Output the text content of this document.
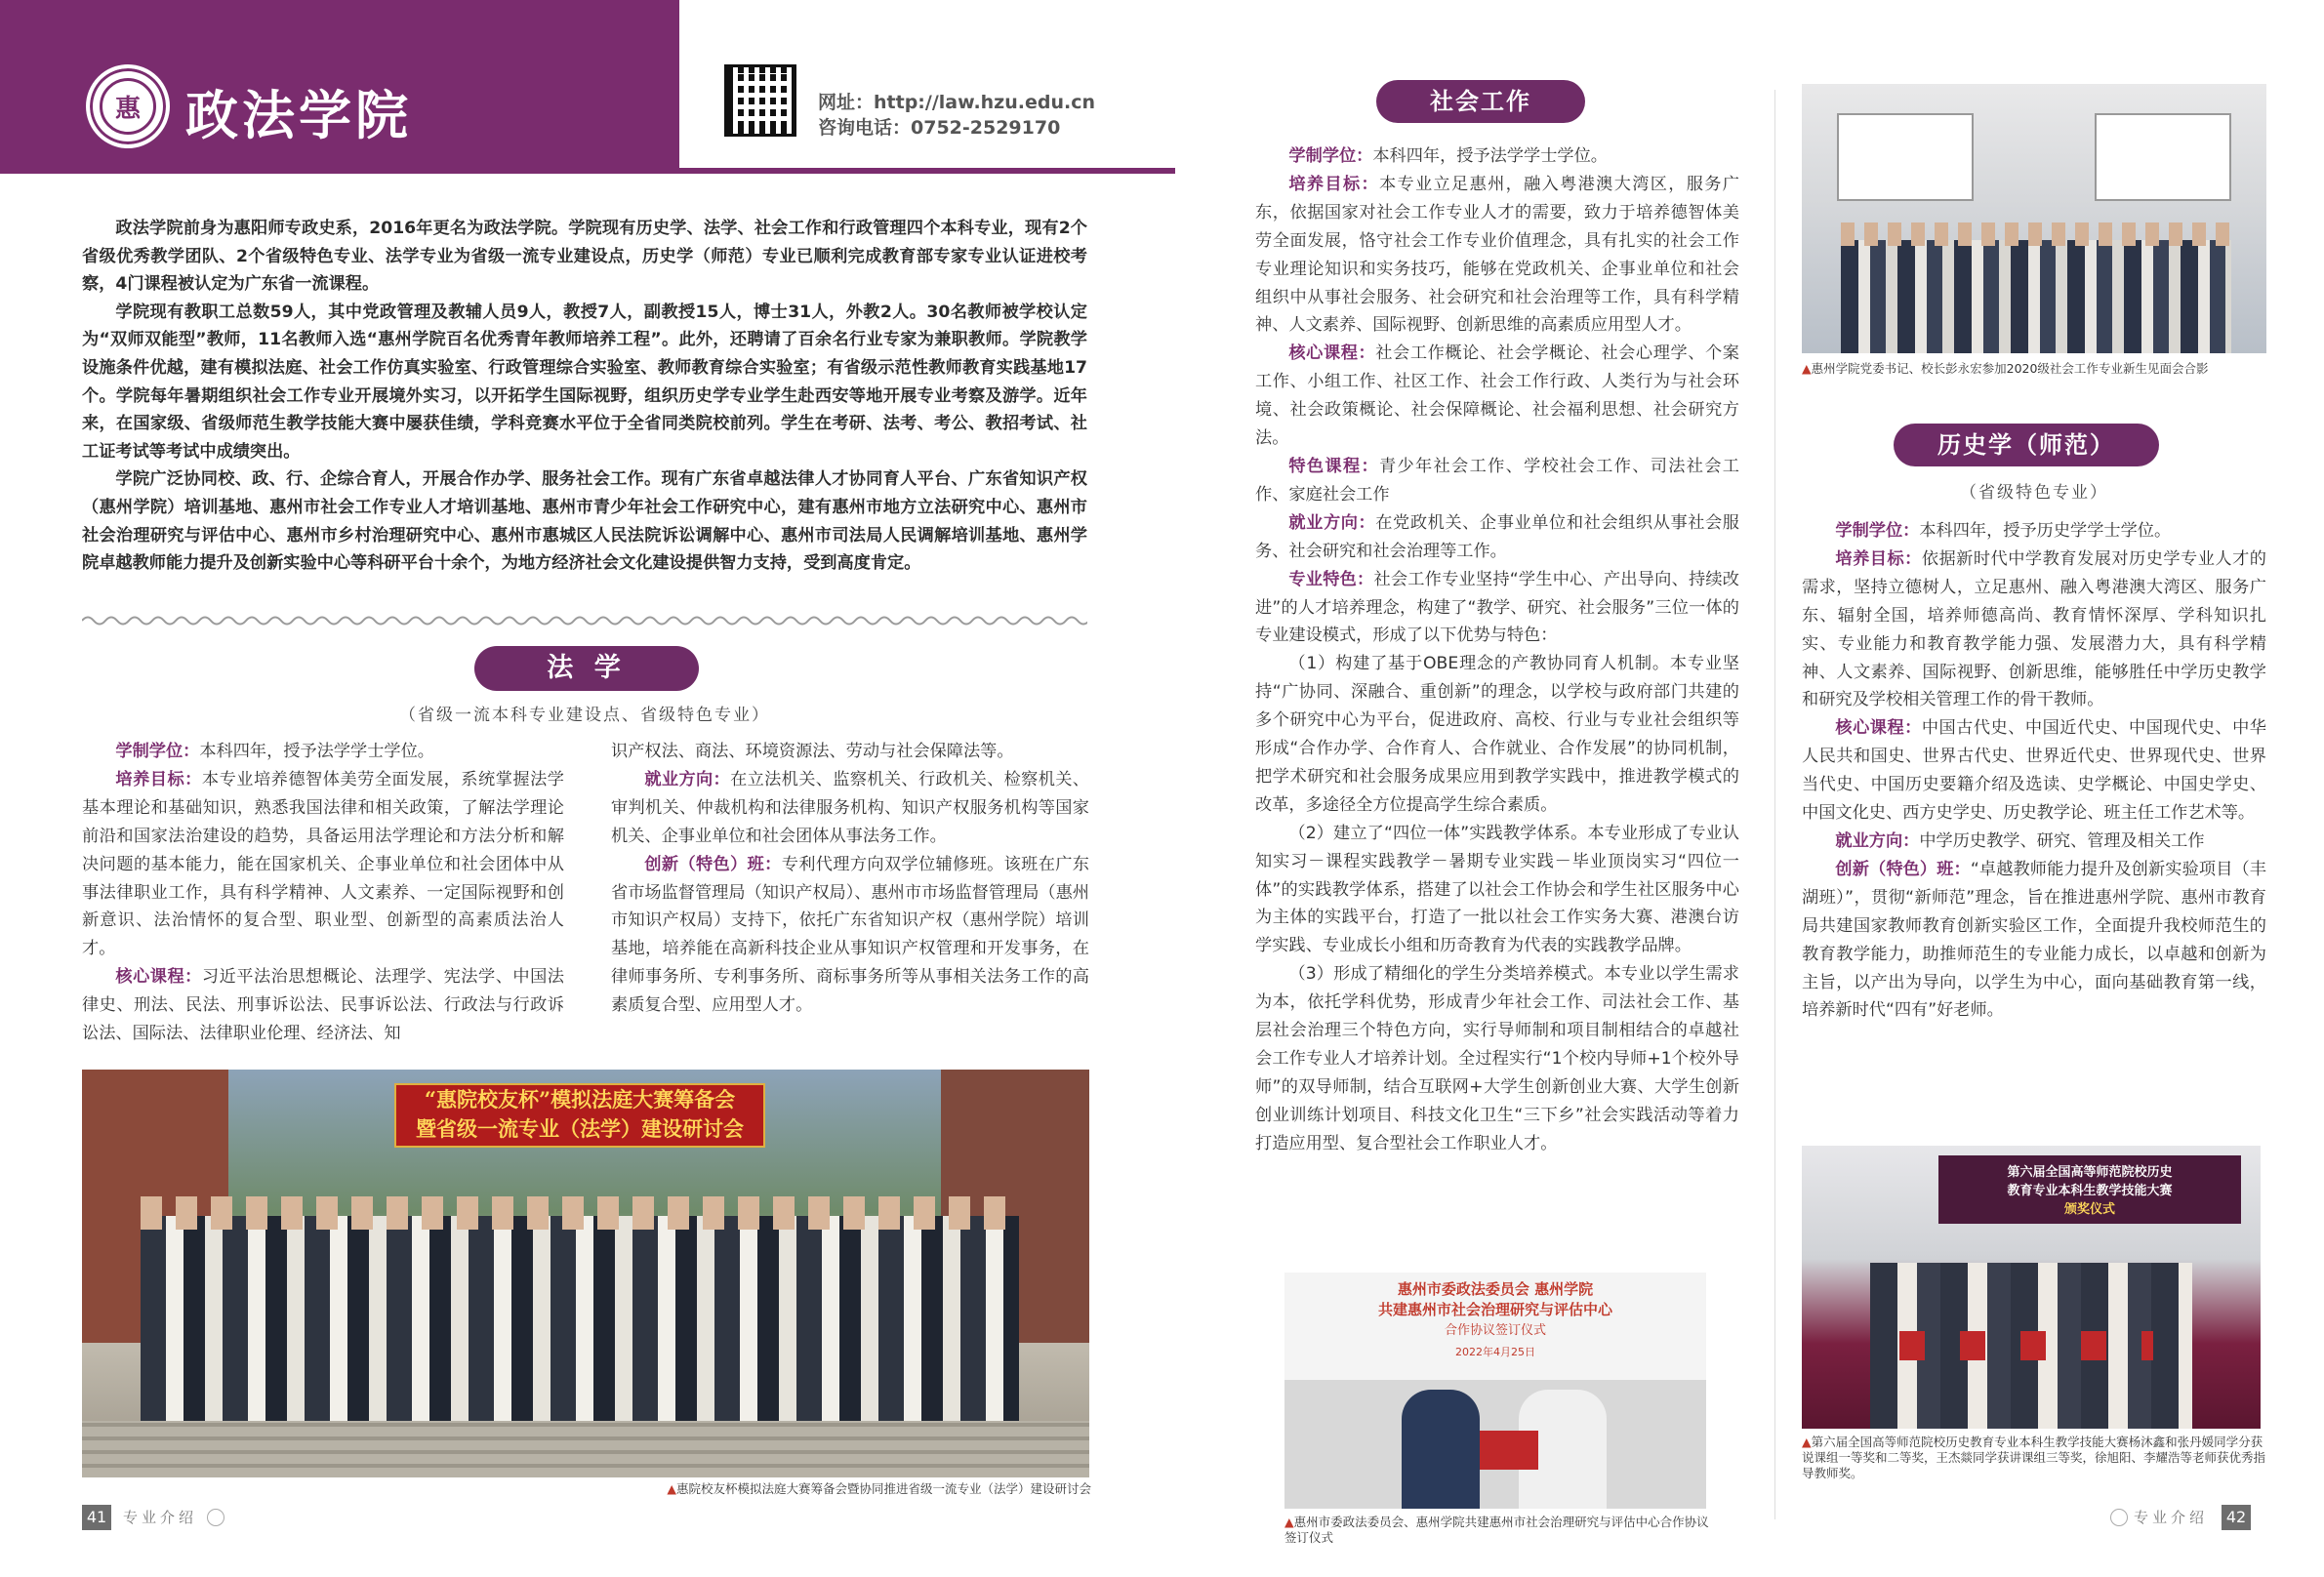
惠 政法学院	网址：http://law.hzu.edu.cn
咨询电话：0752-2529170

政法学院前身为惠阳师专政史系，2016年更名为政法学院。学院现有历史学、法学、社会工作和行政管理四个本科专业，现有2个省级优秀教学团队、2个省级特色专业、法学专业为省级一流专业建设点，历史学（师范）专业已顺利完成教育部专家专业认证进校考察，4门课程被认定为广东省一流课程。

学院现有教职工总数59人，其中党政管理及教辅人员9人，教授7人，副教授15人，博士31人，外教2人。30名教师被学校认定为“双师双能型”教师，11名教师入选“惠州学院百名优秀青年教师培养工程”。此外，还聘请了百余名行业专家为兼职教师。学院教学设施条件优越，建有模拟法庭、社会工作仿真实验室、行政管理综合实验室、教师教育综合实验室；有省级示范性教师教育实践基地17个。学院每年暑期组织社会工作专业开展境外实习，以开拓学生国际视野，组织历史学专业学生赴西安等地开展专业考察及游学。近年来，在国家级、省级师范生教学技能大赛中屡获佳绩，学科竞赛水平位于全省同类院校前列。学生在考研、法考、考公、教招考试、社工证考试等考试中成绩突出。

学院广泛协同校、政、行、企综合育人，开展合作办学、服务社会工作。现有广东省卓越法律人才协同育人平台、广东省知识产权（惠州学院）培训基地、惠州市社会工作专业人才培训基地、惠州市青少年社会工作研究中心，建有惠州市地方立法研究中心、惠州市社会治理研究与评估中心、惠州市乡村治理研究中心、惠州市惠城区人民法院诉讼调解中心、惠州市司法局人民调解培训基地、惠州学院卓越教师能力提升及创新实验中心等科研平台十余个，为地方经济社会文化建设提供智力支持，受到高度肯定。

法 学
（省级一流本科专业建设点、省级特色专业）

学制学位：本科四年，授予法学学士学位。

培养目标：本专业培养德智体美劳全面发展，系统掌握法学基本理论和基础知识，熟悉我国法律和相关政策，了解法学理论前沿和国家法治建设的趋势，具备运用法学理论和方法分析和解决问题的基本能力，能在国家机关、企事业单位和社会团体中从事法律职业工作，具有科学精神、人文素养、一定国际视野和创新意识、法治情怀的复合型、职业型、创新型的高素质法治人才。

核心课程：习近平法治思想概论、法理学、宪法学、中国法律史、刑法、民法、刑事诉讼法、民事诉讼法、行政法与行政诉讼法、国际法、法律职业伦理、经济法、知

识产权法、商法、环境资源法、劳动与社会保障法等。

就业方向：在立法机关、监察机关、行政机关、检察机关、审判机关、仲裁机构和法律服务机构、知识产权服务机构等国家机关、企事业单位和社会团体从事法务工作。

创新（特色）班：专利代理方向双学位辅修班。该班在广东省市场监督管理局（知识产权局）、惠州市市场监督管理局（惠州市知识产权局）支持下，依托广东省知识产权（惠州学院）培训基地，培养能在高新科技企业从事知识产权管理和开发事务，在律师事务所、专利事务所、商标事务所等从事相关法务工作的高素质复合型、应用型人才。

“惠院校友杯”模拟法庭大赛筹备会
暨省级一流专业（法学）建设研讨会
▲惠院校友杯模拟法庭大赛筹备会暨协同推进省级一流专业（法学）建设研讨会
社会工作

学制学位：本科四年，授予法学学士学位。

培养目标：本专业立足惠州，融入粤港澳大湾区，服务广东，依据国家对社会工作专业人才的需要，致力于培养德智体美劳全面发展，恪守社会工作专业价值理念，具有扎实的社会工作专业理论知识和实务技巧，能够在党政机关、企事业单位和社会组织中从事社会服务、社会研究和社会治理等工作，具有科学精神、人文素养、国际视野、创新思维的高素质应用型人才。

核心课程：社会工作概论、社会学概论、社会心理学、个案工作、小组工作、社区工作、社会工作行政、人类行为与社会环境、社会政策概论、社会保障概论、社会福利思想、社会研究方法。

特色课程：青少年社会工作、学校社会工作、司法社会工作、家庭社会工作

就业方向：在党政机关、企事业单位和社会组织从事社会服务、社会研究和社会治理等工作。

专业特色：社会工作专业坚持“学生中心、产出导向、持续改进”的人才培养理念，构建了“教学、研究、社会服务”三位一体的专业建设模式，形成了以下优势与特色：

（1）构建了基于OBE理念的产教协同育人机制。本专业坚持“广协同、深融合、重创新”的理念，以学校与政府部门共建的多个研究中心为平台，促进政府、高校、行业与专业社会组织等形成“合作办学、合作育人、合作就业、合作发展”的协同机制，把学术研究和社会服务成果应用到教学实践中，推进教学模式的改革，多途径全方位提高学生综合素质。

（2）建立了“四位一体”实践教学体系。本专业形成了专业认知实习－课程实践教学－暑期专业实践－毕业顶岗实习“四位一体”的实践教学体系，搭建了以社会工作协会和学生社区服务中心为主体的实践平台，打造了一批以社会工作实务大赛、港澳台访学实践、专业成长小组和历奇教育为代表的实践教学品牌。

（3）形成了精细化的学生分类培养模式。本专业以学生需求为本，依托学科优势，形成青少年社会工作、司法社会工作、基层社会治理三个特色方向，实行导师制和项目制相结合的卓越社会工作专业人才培养计划。全过程实行“1个校内导师+1个校外导师”的双导师制，结合互联网+大学生创新创业大赛、大学生创新创业训练计划项目、科技文化卫生“三下乡”社会实践活动等着力打造应用型、复合型社会工作职业人才。

惠州市委政法委员会 惠州学院
共建惠州市社会治理研究与评估中心
合作协议签订仪式
2022年4月25日
▲惠州市委政法委员会、惠州学院共建惠州市社会治理研究与评估中心合作协议签订仪式
▲惠州学院党委书记、校长彭永宏参加2020级社会工作专业新生见面会合影
历史学（师范）
（省级特色专业）

学制学位：本科四年，授予历史学学士学位。

培养目标：依据新时代中学教育发展对历史学专业人才的需求，坚持立德树人，立足惠州、融入粤港澳大湾区、服务广东、辐射全国，培养师德高尚、教育情怀深厚、学科知识扎实、专业能力和教育教学能力强、发展潜力大，具有科学精神、人文素养、国际视野、创新思维，能够胜任中学历史教学和研究及学校相关管理工作的骨干教师。

核心课程：中国古代史、中国近代史、中国现代史、中华人民共和国史、世界古代史、世界近代史、世界现代史、世界当代史、中国历史要籍介绍及选读、史学概论、中国史学史、中国文化史、西方史学史、历史教学论、班主任工作艺术等。

就业方向：中学历史教学、研究、管理及相关工作

创新（特色）班：“卓越教师能力提升及创新实验项目（丰湖班）”，贯彻“新师范”理念，旨在推进惠州学院、惠州市教育局共建国家教师教育创新实验区工作，全面提升我校师范生的教育教学能力，助推师范生的专业能力成长，以卓越和创新为主旨，以产出为导向，以学生为中心，面向基础教育第一线，培养新时代“四有”好老师。

第六届全国高等师范院校历史
教育专业本科生教学技能大赛
颁奖仪式
▲第六届全国高等师范院校历史教育专业本科生教学技能大赛杨沐鑫和张丹媛同学分获说课组一等奖和二等奖，王杰燚同学获讲课组三等奖，徐旭阳、李耀浩等老师获优秀指导教师奖。
41	专业介绍	专业介绍	42
